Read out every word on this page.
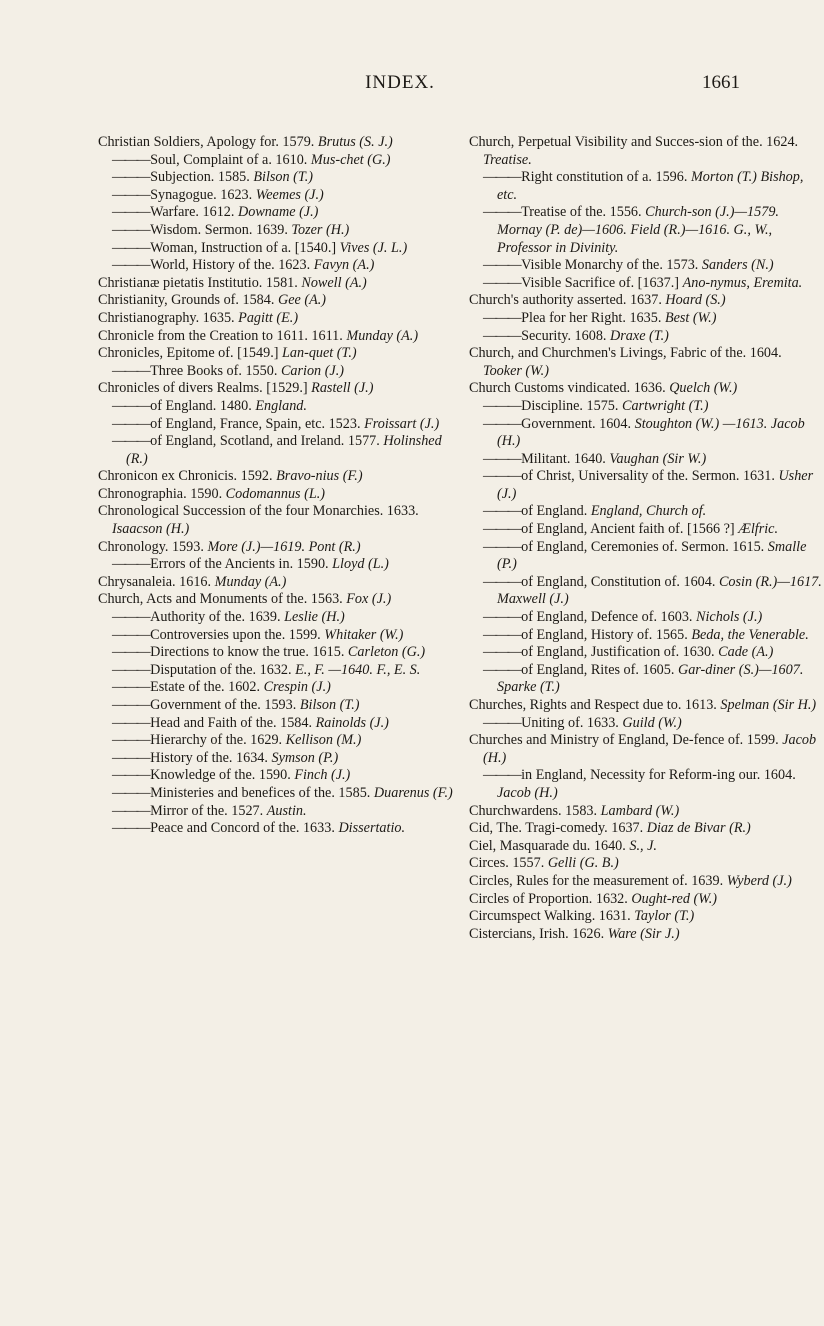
INDEX.	1661

Christian Soldiers, Apology for. 1579. Brutus (S. J.)

——— Soul, Complaint of a. 1610. Mus-chet (G.)

——— Subjection. 1585. Bilson (T.)

——— Synagogue. 1623. Weemes (J.)

——— Warfare. 1612. Downame (J.)

——— Wisdom. Sermon. 1639. Tozer (H.)

——— Woman, Instruction of a. [1540.] Vives (J. L.)

——— World, History of the. 1623. Favyn (A.)

Christianæ pietatis Institutio. 1581. Nowell (A.)

Christianity, Grounds of. 1584. Gee (A.)

Christianography. 1635. Pagitt (E.)

Chronicle from the Creation to 1611. 1611. Munday (A.)

Chronicles, Epitome of. [1549.] Lan-quet (T.)

——— Three Books of. 1550. Carion (J.)

Chronicles of divers Realms. [1529.] Rastell (J.)

——— of England. 1480. England.

——— of England, France, Spain, etc. 1523. Froissart (J.)

——— of England, Scotland, and Ireland. 1577. Holinshed (R.)

Chronicon ex Chronicis. 1592. Bravo-nius (F.)

Chronographia. 1590. Codomannus (L.)

Chronological Succession of the four Monarchies. 1633. Isaacson (H.)

Chronology. 1593. More (J.)—1619. Pont (R.)

——— Errors of the Ancients in. 1590. Lloyd (L.)

Chrysanaleia. 1616. Munday (A.)

Church, Acts and Monuments of the. 1563. Fox (J.)

——— Authority of the. 1639. Leslie (H.)

——— Controversies upon the. 1599. Whitaker (W.)

——— Directions to know the true. 1615. Carleton (G.)

——— Disputation of the. 1632. E., F. —1640. F., E. S.

——— Estate of the. 1602. Crespin (J.)

——— Government of the. 1593. Bilson (T.)

——— Head and Faith of the. 1584. Rainolds (J.)

——— Hierarchy of the. 1629. Kellison (M.)

——— History of the. 1634. Symson (P.)

——— Knowledge of the. 1590. Finch (J.)

——— Ministeries and benefices of the. 1585. Duarenus (F.)

——— Mirror of the. 1527. Austin.

——— Peace and Concord of the. 1633. Dissertatio.

Church, Perpetual Visibility and Succes-sion of the. 1624. Treatise.

——— Right constitution of a. 1596. Morton (T.) Bishop, etc.

——— Treatise of the. 1556. Church-son (J.)—1579. Mornay (P. de)—1606. Field (R.)—1616. G., W., Professor in Divinity.

——— Visible Monarchy of the. 1573. Sanders (N.)

——— Visible Sacrifice of. [1637.] Ano-nymus, Eremita.

Church's authority asserted. 1637. Hoard (S.)

——— Plea for her Right. 1635. Best (W.)

——— Security. 1608. Draxe (T.)

Church, and Churchmen's Livings, Fabric of the. 1604. Tooker (W.)

Church Customs vindicated. 1636. Quelch (W.)

——— Discipline. 1575. Cartwright (T.)

——— Government. 1604. Stoughton (W.) —1613. Jacob (H.)

——— Militant. 1640. Vaughan (Sir W.)

——— of Christ, Universality of the. Sermon. 1631. Usher (J.)

——— of England. England, Church of.

——— of England, Ancient faith of. [1566 ?] Ælfric.

——— of England, Ceremonies of. Sermon. 1615. Smalle (P.)

——— of England, Constitution of. 1604. Cosin (R.)—1617. Maxwell (J.)

——— of England, Defence of. 1603. Nichols (J.)

——— of England, History of. 1565. Beda, the Venerable.

——— of England, Justification of. 1630. Cade (A.)

——— of England, Rites of. 1605. Gar-diner (S.)—1607. Sparke (T.)

Churches, Rights and Respect due to. 1613. Spelman (Sir H.)

——— Uniting of. 1633. Guild (W.)

Churches and Ministry of England, De-fence of. 1599. Jacob (H.)

——— in England, Necessity for Reform-ing our. 1604. Jacob (H.)

Churchwardens. 1583. Lambard (W.)

Cid, The. Tragi-comedy. 1637. Diaz de Bivar (R.)

Ciel, Masquarade du. 1640. S., J.

Circes. 1557. Gelli (G. B.)

Circles, Rules for the measurement of. 1639. Wyberd (J.)

Circles of Proportion. 1632. Ought-red (W.)

Circumspect Walking. 1631. Taylor (T.)

Cistercians, Irish. 1626. Ware (Sir J.)
